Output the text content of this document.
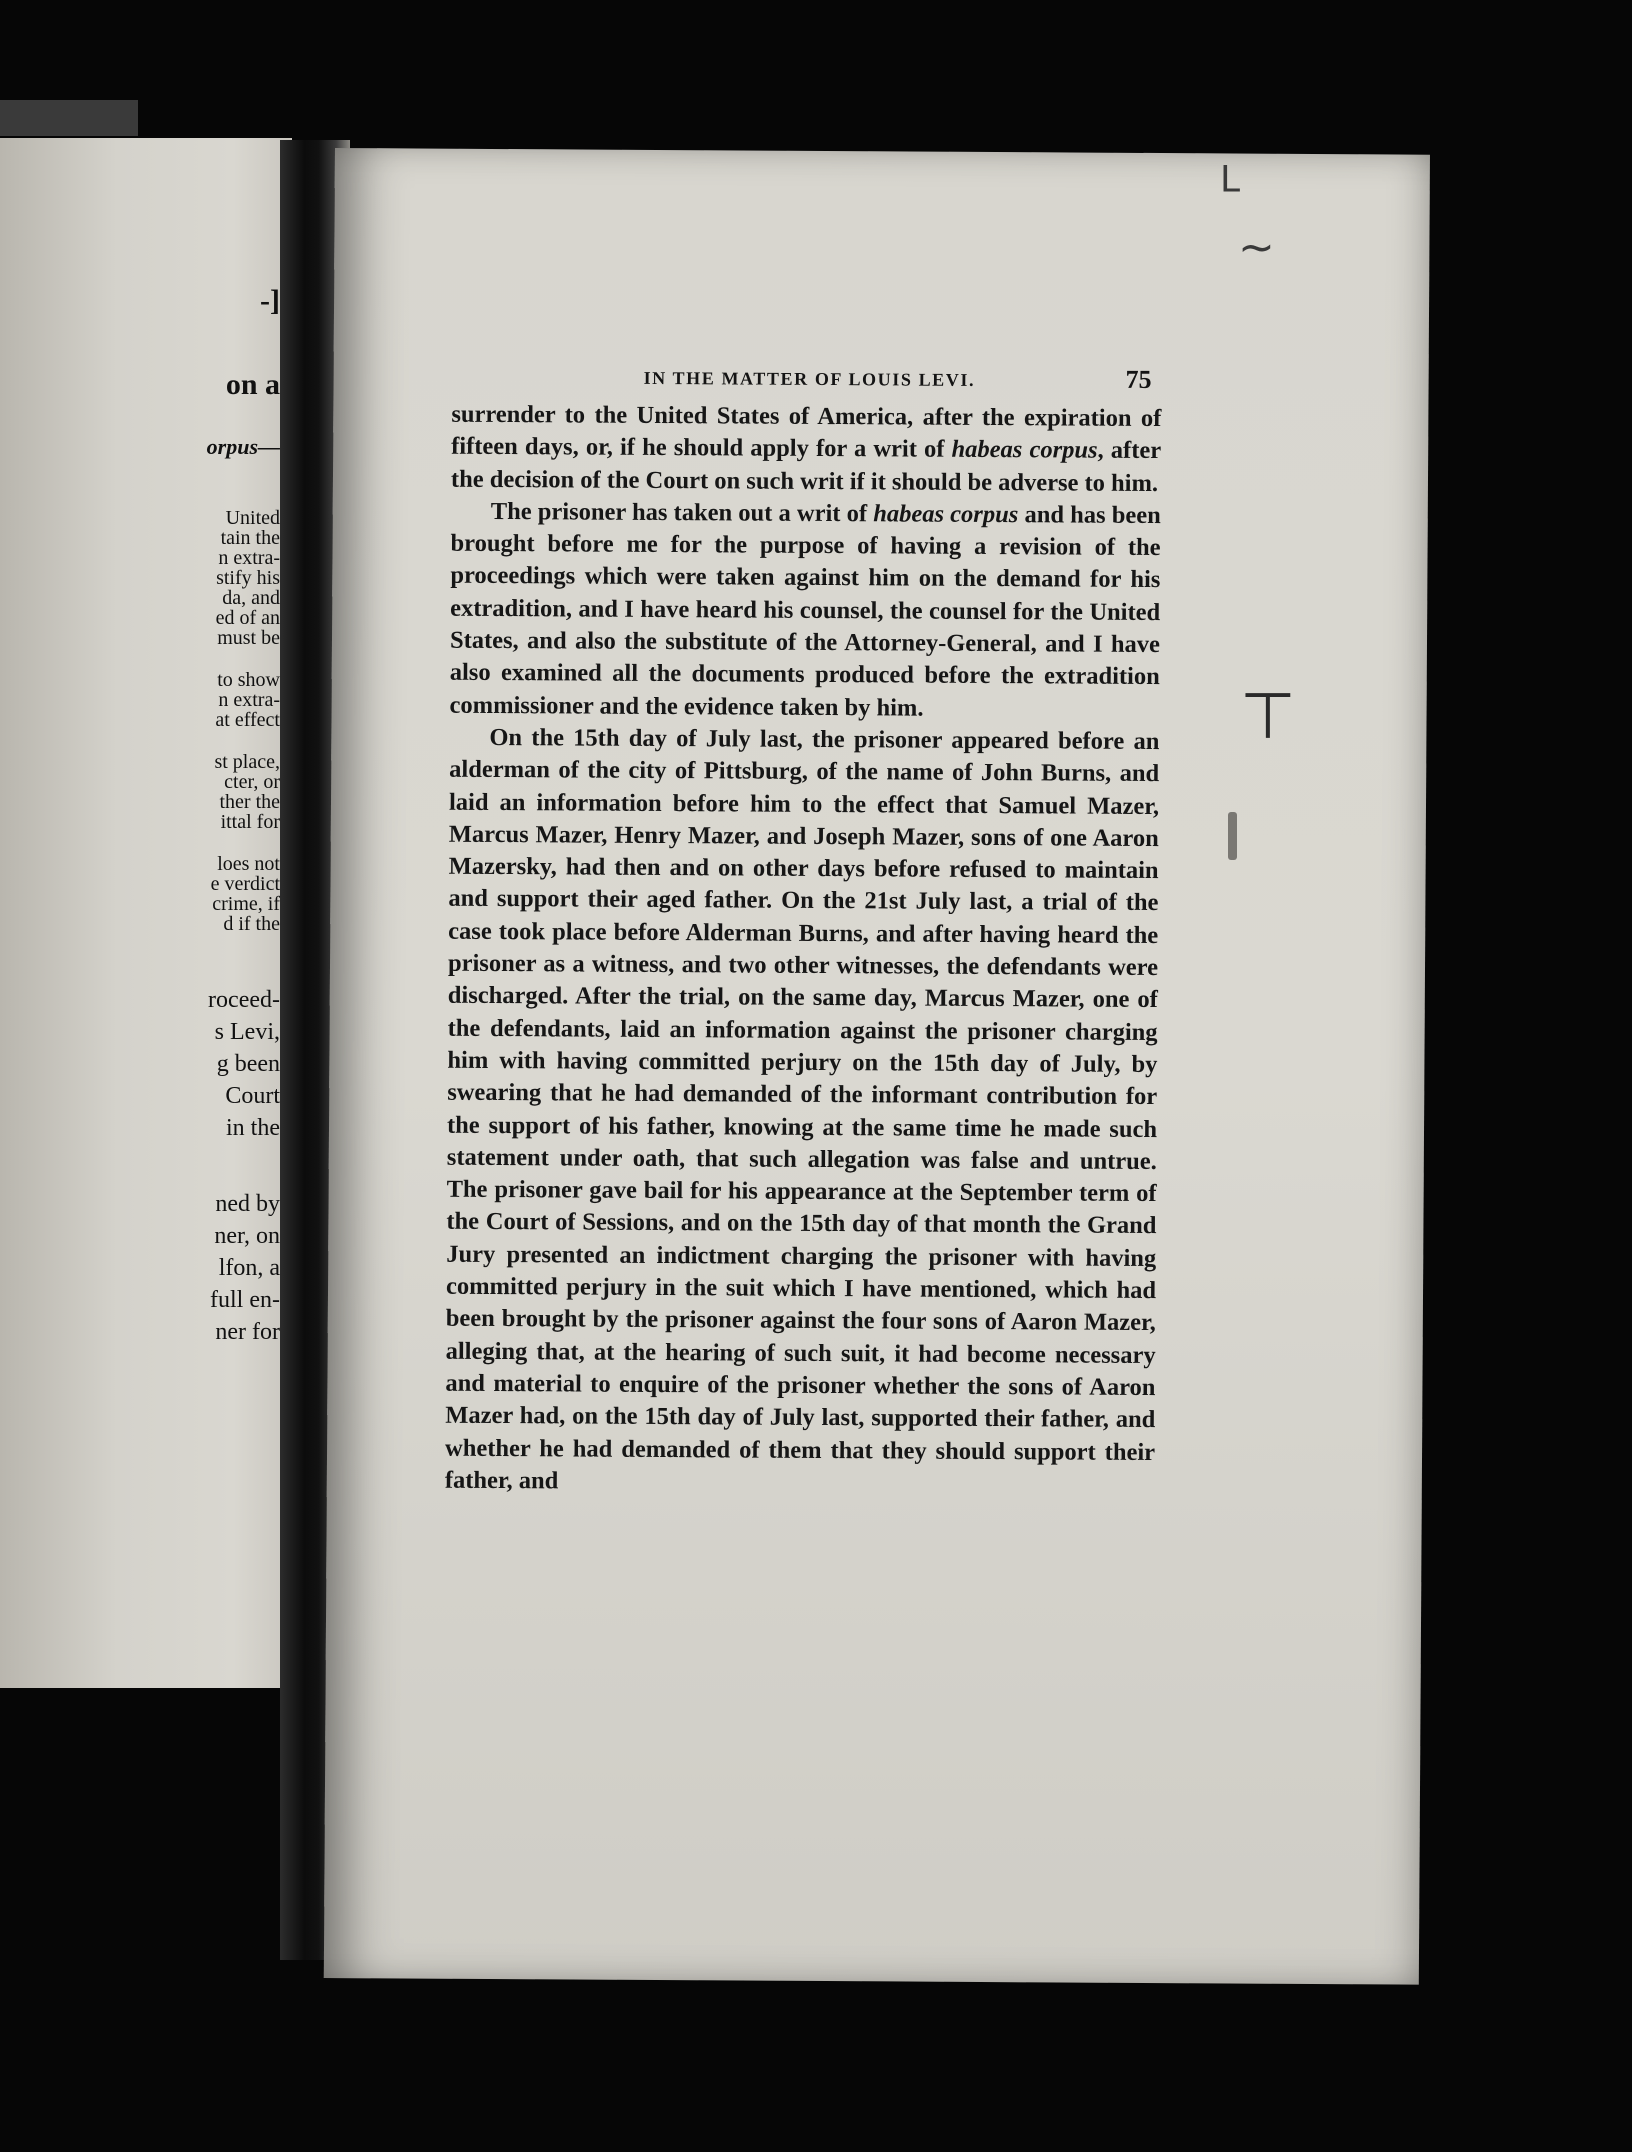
-]
on a
orpus—
United
tain the
n extra-
stify his
da, and
ed of an
must be
to show
n extra-
at effect
st place,
cter, or
ther the
ittal for
loes not
e verdict
crime, if
d if the
roceed-
s Levi,
g been
Court
in the
ned by
ner, on
lfon, a
full en-
ner for
IN THE MATTER OF LOUIS LEVI.	75

surrender to the United States of America, after the expiration of fifteen days, or, if he should apply for a writ of habeas corpus, after the decision of the Court on such writ if it should be adverse to him.

The prisoner has taken out a writ of habeas corpus and has been brought before me for the purpose of having a revision of the proceedings which were taken against him on the demand for his extradition, and I have heard his counsel, the counsel for the United States, and also the substitute of the Attorney-General, and I have also examined all the documents produced before the extradition commissioner and the evidence taken by him.

On the 15th day of July last, the prisoner appeared before an alderman of the city of Pittsburg, of the name of John Burns, and laid an information before him to the effect that Samuel Mazer, Marcus Mazer, Henry Mazer, and Joseph Mazer, sons of one Aaron Mazersky, had then and on other days before refused to maintain and support their aged father. On the 21st July last, a trial of the case took place before Alderman Burns, and after having heard the prisoner as a witness, and two other witnesses, the defendants were discharged. After the trial, on the same day, Marcus Mazer, one of the defendants, laid an information against the prisoner charging him with having committed perjury on the 15th day of July, by swearing that he had demanded of the informant contribution for the support of his father, knowing at the same time he made such statement under oath, that such allegation was false and untrue. The prisoner gave bail for his appearance at the September term of the Court of Sessions, and on the 15th day of that month the Grand Jury presented an indictment charging the prisoner with having committed perjury in the suit which I have mentioned, which had been brought by the prisoner against the four sons of Aaron Mazer, alleging that, at the hearing of such suit, it had become necessary and material to enquire of the prisoner whether the sons of Aaron Mazer had, on the 15th day of July last, supported their father, and whether he had demanded of them that they should support their father, and

ᒪ
~
⊤
